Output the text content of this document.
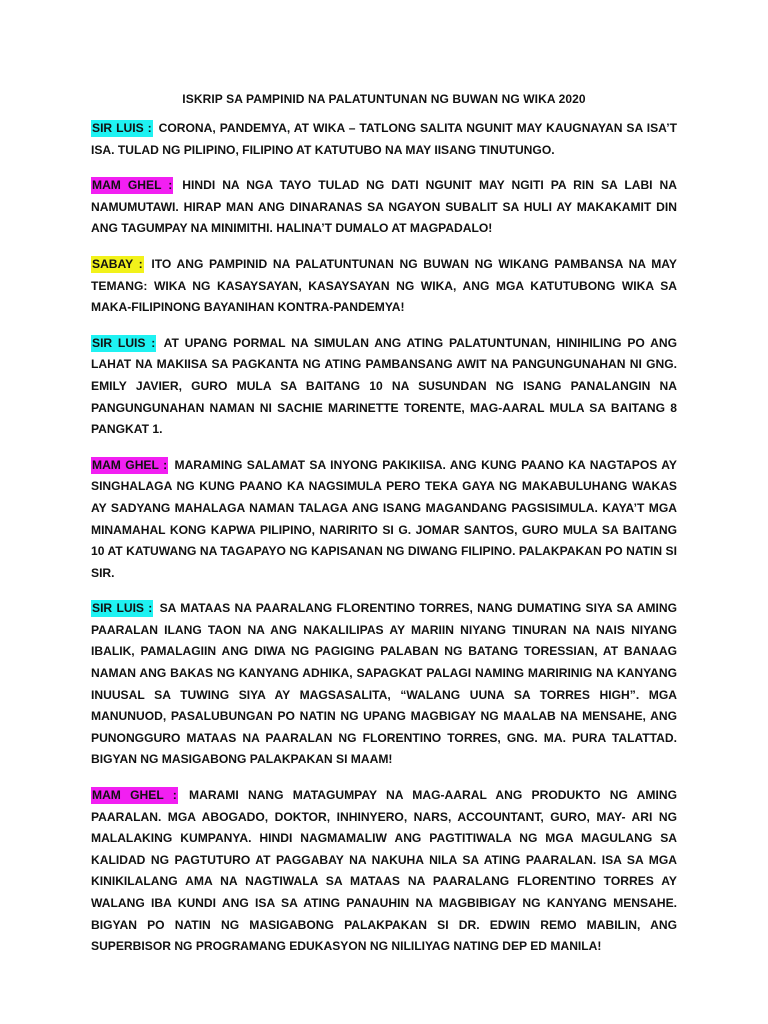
ISKRIP SA PAMPINID NA PALATUNTUNAN NG BUWAN NG WIKA 2020

SIR LUIS : CORONA, PANDEMYA, AT WIKA – TATLONG SALITA NGUNIT MAY KAUGNAYAN SA ISA’T ISA. TULAD NG PILIPINO, FILIPINO AT KATUTUBO NA MAY IISANG TINUTUNGO.

MAM GHEL : HINDI NA NGA TAYO TULAD NG DATI NGUNIT MAY NGITI PA RIN SA LABI NA NAMUMUTAWI. HIRAP MAN ANG DINARANAS SA NGAYON SUBALIT SA HULI AY MAKAKAMIT DIN ANG TAGUMPAY NA MINIMITHI. HALINA’T DUMALO AT MAGPADALO!

SABAY : ITO ANG PAMPINID NA PALATUNTUNAN NG BUWAN NG WIKANG PAMBANSA NA MAY TEMANG: WIKA NG KASAYSAYAN, KASAYSAYAN NG WIKA, ANG MGA KATUTUBONG WIKA SA MAKA-FILIPINONG BAYANIHAN KONTRA-PANDEMYA!

SIR LUIS : AT UPANG PORMAL NA SIMULAN ANG ATING PALATUNTUNAN, HINIHILING PO ANG LAHAT NA MAKIISA SA PAGKANTA NG ATING PAMBANSANG AWIT NA PANGUNGUNAHAN NI GNG. EMILY JAVIER, GURO MULA SA BAITANG 10 NA SUSUNDAN NG ISANG PANALANGIN NA PANGUNGUNAHAN NAMAN NI SACHIE MARINETTE TORENTE, MAG-AARAL MULA SA BAITANG 8 PANGKAT 1.

MAM GHEL : MARAMING SALAMAT SA INYONG PAKIKIISA. ANG KUNG PAANO KA NAGTAPOS AY SINGHALAGA NG KUNG PAANO KA NAGSIMULA PERO TEKA GAYA NG MAKABULUHANG WAKAS AY SADYANG MAHALAGA NAMAN TALAGA ANG ISANG MAGANDANG PAGSISIMULA. KAYA’T MGA MINAMAHAL KONG KAPWA PILIPINO, NARIRITO SI G. JOMAR SANTOS, GURO MULA SA BAITANG 10 AT KATUWANG NA TAGAPAYO NG KAPISANAN NG DIWANG FILIPINO. PALAKPAKAN PO NATIN SI SIR.

SIR LUIS : SA MATAAS NA PAARALANG FLORENTINO TORRES, NANG DUMATING SIYA SA AMING PAARALAN ILANG TAON NA ANG NAKALILIPAS AY MARIIN NIYANG TINURAN NA NAIS NIYANG IBALIK, PAMALAGIIN ANG DIWA NG PAGIGING PALABAN NG BATANG TORESSIAN, AT BANAAG NAMAN ANG BAKAS NG KANYANG ADHIKA, SAPAGKAT PALAGI NAMING MARIRINIG NA KANYANG INUUSAL SA TUWING SIYA AY MAGSASALITA, “WALANG UUNA SA TORRES HIGH”. MGA MANUNUOD, PASALUBUNGAN PO NATIN NG UPANG MAGBIGAY NG MAALAB NA MENSAHE, ANG PUNONGGURO MATAAS NA PAARALAN NG FLORENTINO TORRES, GNG. MA. PURA TALATTAD. BIGYAN NG MASIGABONG PALAKPAKAN SI MAAM!

MAM GHEL : MARAMI NANG MATAGUMPAY NA MAG-AARAL ANG PRODUKTO NG AMING PAARALAN. MGA ABOGADO, DOKTOR, INHINYERO, NARS, ACCOUNTANT, GURO, MAY- ARI NG MALALAKING KUMPANYA. HINDI NAGMAMALIW ANG PAGTITIWALA NG MGA MAGULANG SA KALIDAD NG PAGTUTURO AT PAGGABAY NA NAKUHA NILA SA ATING PAARALAN. ISA SA MGA KINIKILALANG AMA NA NAGTIWALA SA MATAAS NA PAARALANG FLORENTINO TORRES AY WALANG IBA KUNDI ANG ISA SA ATING PANAUHIN NA MAGBIBIGAY NG KANYANG MENSAHE. BIGYAN PO NATIN NG MASIGABONG PALAKPAKAN SI DR. EDWIN REMO MABILIN, ANG SUPERBISOR NG PROGRAMANG EDUKASYON NG NILILIYAG NATING DEP ED MANILA!
